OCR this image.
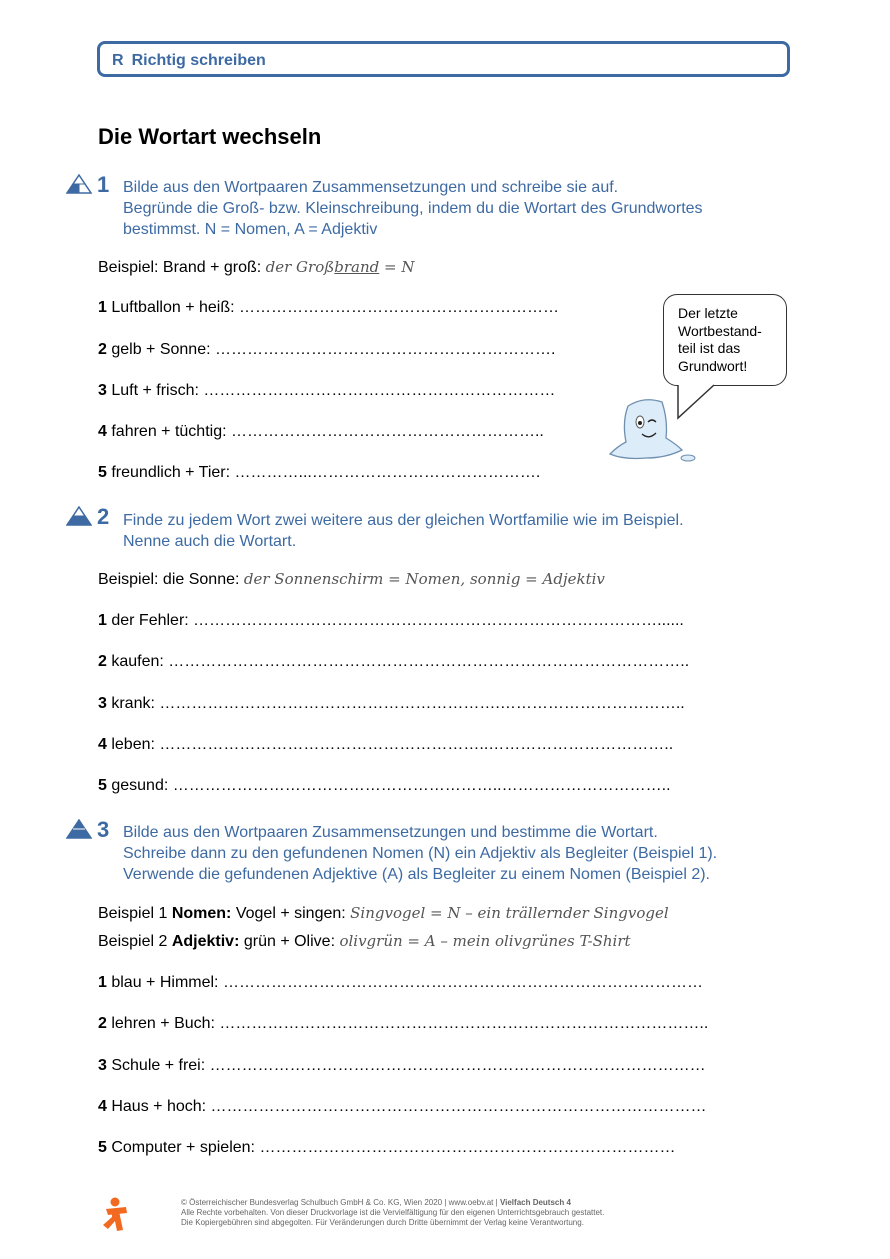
R Richtig schreiben
Die Wortart wechseln
1 Bilde aus den Wortpaaren Zusammensetzungen und schreibe sie auf.
Begründe die Groß- bzw. Kleinschreibung, indem du die Wortart des Grundwortes
bestimmst. N = Nomen, A = Adjektiv
Beispiel: Brand + groß: der Großbrand = N
1 Luftballon + heiß: ……………………………………………………
2 gelb + Sonne: ……………………………………………………….
3 Luft + frisch: …………………………………………………………
4 fahren + tüchtig: …………………………………………………..
5 freundlich + Tier: …………...…………………………………….
Der letzte
Wortbestand-
teil ist das
Grundwort!
2 Finde zu jedem Wort zwei weitere aus der gleichen Wortfamilie wie im Beispiel.
Nenne auch die Wortart.
Beispiel: die Sonne: der Sonnenschirm = Nomen, sonnig = Adjektiv
1 der Fehler: ……………………………………………………………………………......
2 kaufen: ……………………………………………………………………………………..
3 krank: ……………………………………………………….……………………………..
4 leben: ……………………………………………………..……………………………..
5 gesund: ……………………………………………………..…………………………..
3 Bilde aus den Wortpaaren Zusammensetzungen und bestimme die Wortart.
Schreibe dann zu den gefundenen Nomen (N) ein Adjektiv als Begleiter (Beispiel 1).
Verwende die gefundenen Adjektive (A) als Begleiter zu einem Nomen (Beispiel 2).
Beispiel 1 Nomen: Vogel + singen: Singvogel = N – ein trällernder Singvogel
Beispiel 2 Adjektiv: grün + Olive: olivgrün = A – mein olivgrünes T-Shirt
1 blau + Himmel: ………………………………………………………………………………
2 lehren + Buch: ………………………………………………………………………………..
3 Schule + frei: …………………………………………………………………………………
4 Haus + hoch: …………………………………………………………………………………
5 Computer + spielen: ……………………………………………………………………
© Österreichischer Bundesverlag Schulbuch GmbH & Co. KG, Wien 2020 | www.oebv.at | Vielfach Deutsch 4
Alle Rechte vorbehalten. Von dieser Druckvorlage ist die Vervielfältigung für den eigenen Unterrichtsgebrauch gestattet.
Die Kopiergebühren sind abgegolten. Für Veränderungen durch Dritte übernimmt der Verlag keine Verantwortung.
